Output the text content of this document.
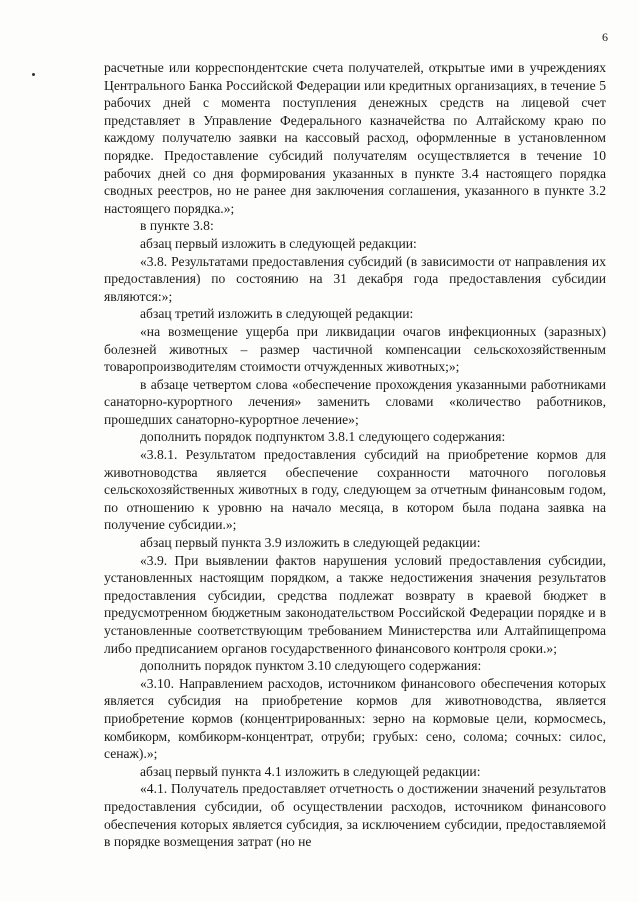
6

расчетные или корреспондентские счета получателей, открытые ими в учреждениях Центрального Банка Российской Федерации или кредитных организациях, в течение 5 рабочих дней с момента поступления денежных средств на лицевой счет представляет в Управление Федерального казначейства по Алтайскому краю по каждому получателю заявки на кассовый расход, оформленные в установленном порядке. Предоставление субсидий получателям осуществляется в течение 10 рабочих дней со дня формирования указанных в пункте 3.4 настоящего порядка сводных реестров, но не ранее дня заключения соглашения, указанного в пункте 3.2 настоящего порядка.»;

в пункте 3.8:

абзац первый изложить в следующей редакции:

«3.8. Результатами предоставления субсидий (в зависимости от направления их предоставления) по состоянию на 31 декабря года предоставления субсидии являются:»;

абзац третий изложить в следующей редакции:

«на возмещение ущерба при ликвидации очагов инфекционных (заразных) болезней животных – размер частичной компенсации сельскохозяйственным товаропроизводителям стоимости отчужденных животных;»;

в абзаце четвертом слова «обеспечение прохождения указанными работниками санаторно-курортного лечения» заменить словами «количество работников, прошедших санаторно-курортное лечение»;

дополнить порядок подпунктом 3.8.1 следующего содержания:

«3.8.1. Результатом предоставления субсидий на приобретение кормов для животноводства является обеспечение сохранности маточного поголовья сельскохозяйственных животных в году, следующем за отчетным финансовым годом, по отношению к уровню на начало месяца, в котором была подана заявка на получение субсидии.»;

абзац первый пункта 3.9 изложить в следующей редакции:

«3.9. При выявлении фактов нарушения условий предоставления субсидии, установленных настоящим порядком, а также недостижения значения результатов предоставления субсидии, средства подлежат возврату в краевой бюджет в предусмотренном бюджетным законодательством Российской Федерации порядке и в установленные соответствующим требованием Министерства или Алтайпищепрома либо предписанием органов государственного финансового контроля сроки.»;

дополнить порядок пунктом 3.10 следующего содержания:

«3.10. Направлением расходов, источником финансового обеспечения которых является субсидия на приобретение кормов для животноводства, является приобретение кормов (концентрированных: зерно на кормовые цели, кормосмесь, комбикорм, комбикорм-концентрат, отруби; грубых: сено, солома; сочных: силос, сенаж).»;

абзац первый пункта 4.1 изложить в следующей редакции:

«4.1. Получатель предоставляет отчетность о достижении значений результатов предоставления субсидии, об осуществлении расходов, источником финансового обеспечения которых является субсидия, за исключением субсидии, предоставляемой в порядке возмещения затрат (но не
